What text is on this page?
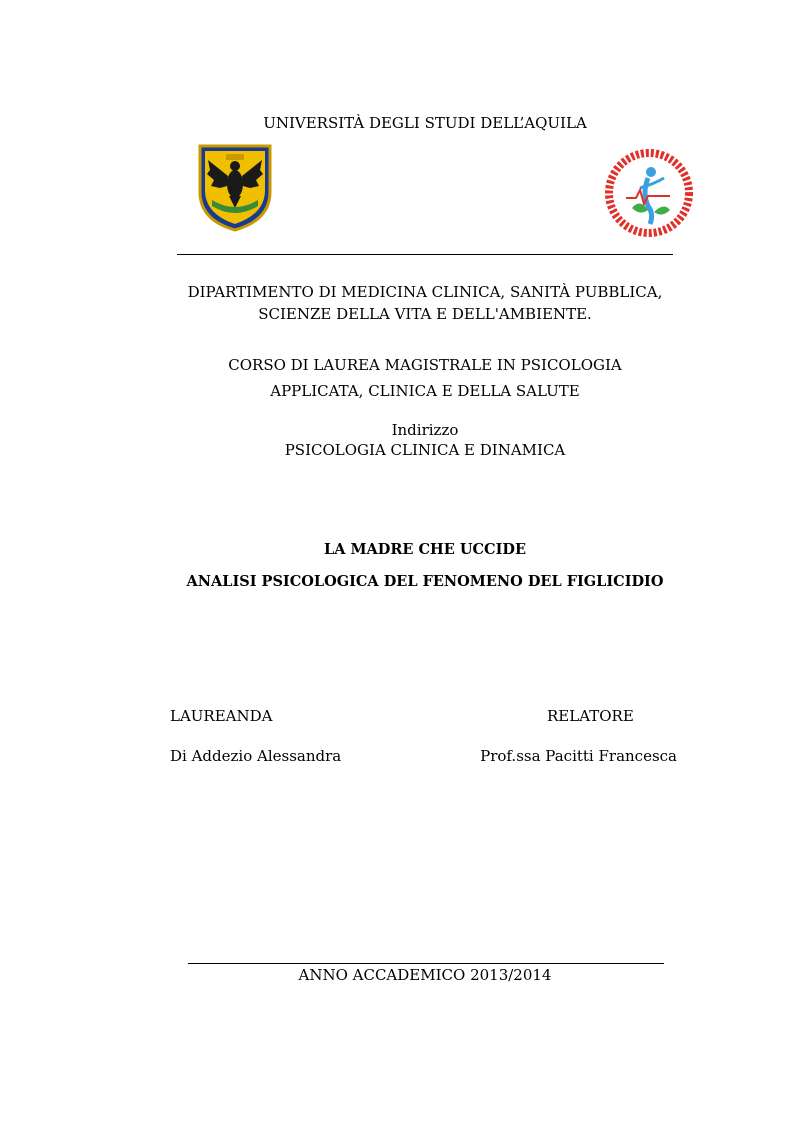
UNIVERSITÀ DEGLI STUDI DELL’AQUILA
DIPARTIMENTO DI MEDICINA CLINICA, SANITÀ PUBBLICA,
SCIENZE DELLA VITA E DELL'AMBIENTE.
CORSO DI LAUREA MAGISTRALE IN PSICOLOGIA
APPLICATA, CLINICA E DELLA SALUTE
Indirizzo
PSICOLOGIA CLINICA E DINAMICA
LA MADRE CHE UCCIDE
ANALISI PSICOLOGICA DEL FENOMENO DEL FIGLICIDIO
LAUREANDA
Di Addezio Alessandra
RELATORE
Prof.ssa Pacitti Francesca
ANNO ACCADEMICO 2013/2014
